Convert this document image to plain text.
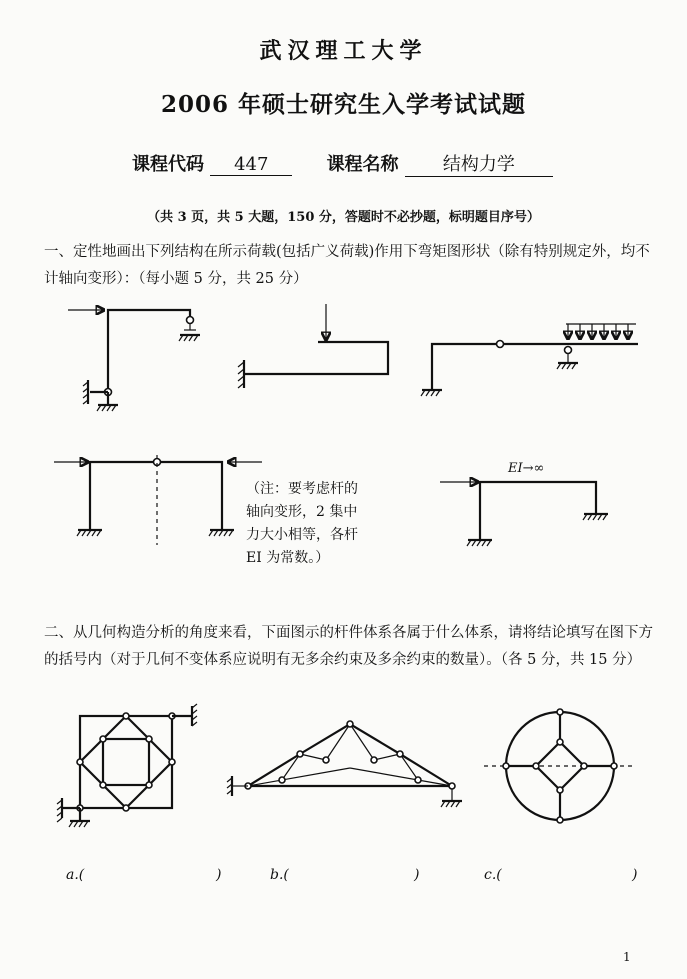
武汉理工大学
2006 年硕士研究生入学考试试题
课程代码 447	课程名称 结构力学
（共 3 页，共 5 大题，150 分，答题时不必抄题，标明题目序号）
一、定性地画出下列结构在所示荷载(包括广义荷载)作用下弯矩图形状（除有特别规定外，均不计轴向变形）：（每小题 5 分，共 25 分）
（注：要考虑杆的轴向变形，2 集中力大小相等，各杆 EI 为常数。）
二、从几何构造分析的角度来看，下面图示的杆件体系各属于什么体系，请将结论填写在图下方的括号内（对于几何不变体系应说明有无多余约束及多余约束的数量）。（各 5 分，共 15 分）
a.(	)	b.(	)	c.(	)
1
EI→∞
